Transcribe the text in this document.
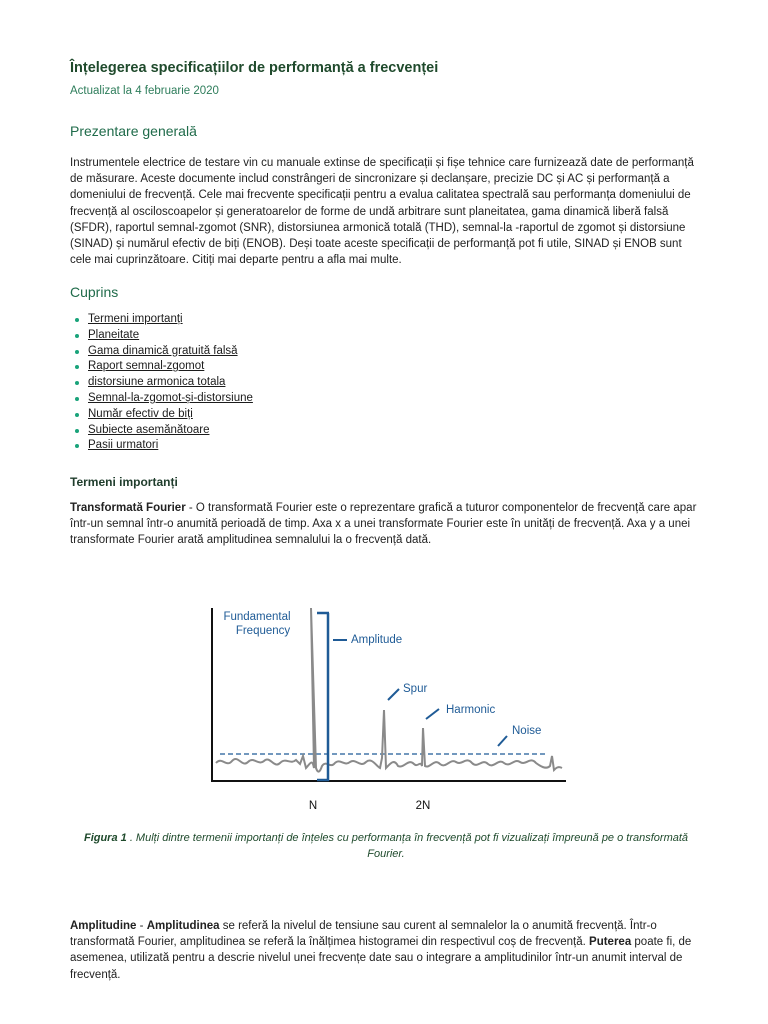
Înțelegerea specificațiilor de performanță a frecvenței
Actualizat la 4 februarie 2020
Prezentare generală

Instrumentele electrice de testare vin cu manuale extinse de specificații și fișe tehnice care furnizează date de performanță de măsurare. Aceste documente includ constrângeri de sincronizare și declanșare, precizie DC și AC și performanță a domeniului de frecvență. Cele mai frecvente specificații pentru a evalua calitatea spectrală sau performanța domeniului de frecvență al osciloscoapelor și generatoarelor de forme de undă arbitrare sunt planeitatea, gama dinamică liberă falsă (SFDR), raportul semnal-zgomot (SNR), distorsiunea armonică totală (THD), semnal-la -raportul de zgomot și distorsiune (SINAD) și numărul efectiv de biți (ENOB). Deși toate aceste specificații de performanță pot fi utile, SINAD și ENOB sunt cele mai cuprinzătoare. Citiți mai departe pentru a afla mai multe.

Cuprins
Termeni importanți
Planeitate
Gama dinamică gratuită falsă
Raport semnal-zgomot
distorsiune armonica totala
Semnal-la-zgomot-și-distorsiune
Număr efectiv de biți
Subiecte asemănătoare
Pasii urmatori
Termeni importanți

Transformată Fourier - O transformată Fourier este o reprezentare grafică a tuturor componentelor de frecvență care apar într-un semnal într-o anumită perioadă de timp. Axa x a unei transformate Fourier este în unități de frecvență. Axa y a unei transformate Fourier arată amplitudinea semnalului la o frecvență dată.

Fundamental
Frequency
Amplitude
Spur
Harmonic
Noise
N	2N
Figura 1 . Mulți dintre termenii importanți de înțeles cu performanța în frecvență pot fi vizualizați împreună pe o transformată Fourier.

Amplitudine - Amplitudinea se referă la nivelul de tensiune sau curent al semnalelor la o anumită frecvență. Într-o transformată Fourier, amplitudinea se referă la înălțimea histogramei din respectivul coș de frecvență. Puterea poate fi, de asemenea, utilizată pentru a descrie nivelul unei frecvențe date sau o integrare a amplitudinilor într-un anumit interval de frecvență.
